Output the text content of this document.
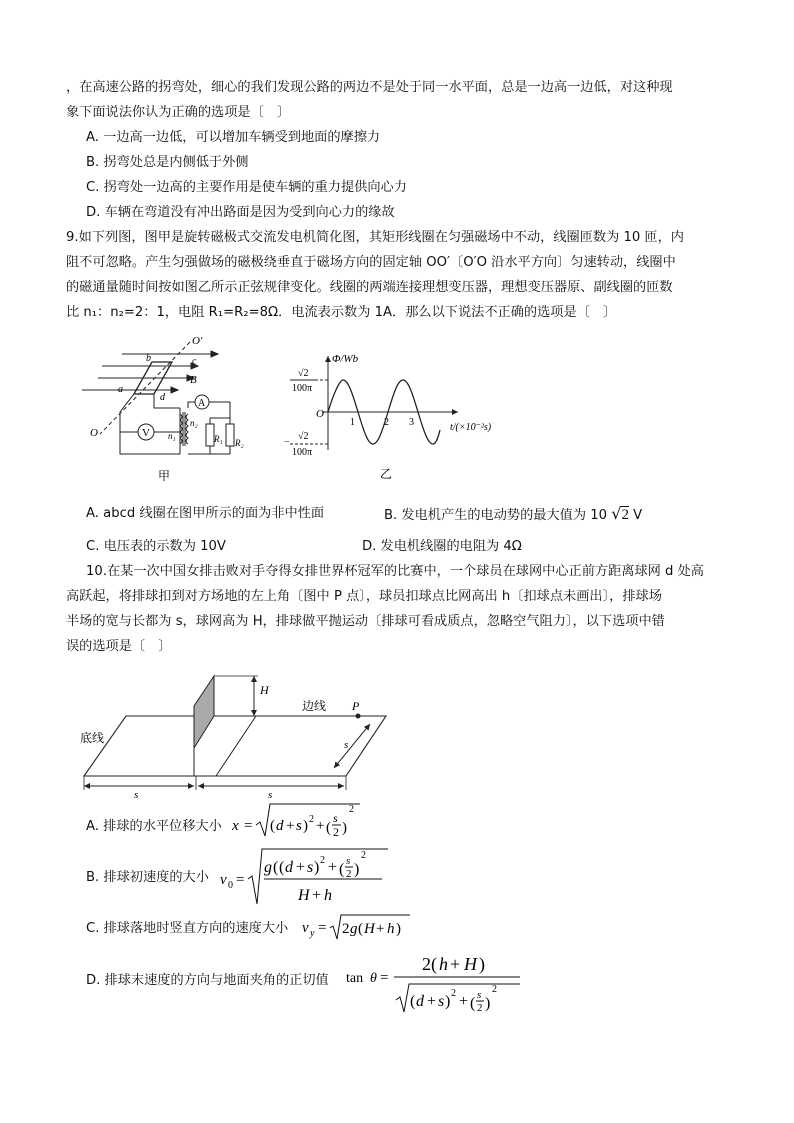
，在高速公路的拐弯处，细心的我们发现公路的两边不是处于同一水平面，总是一边高一边低，对这种现
象下面说法你认为正确的选项是〔　〕
A. 一边高一边低，可以增加车辆受到地面的摩擦力
B. 拐弯处总是内侧低于外侧
C. 拐弯处一边高的主要作用是使车辆的重力提供向心力
D. 车辆在弯道没有冲出路面是因为受到向心力的缘故
9.如下列图，图甲是旋转磁极式交流发电机简化图，其矩形线圈在匀强磁场中不动，线圈匝数为 10 匝，内
阻不可忽略。产生匀强做场的磁极绕垂直于磁场方向的固定轴 OO′〔O′O 沿水平方向〕匀速转动，线圈中
的磁通量随时间按如图乙所示正弦规律变化。线圈的两端连接理想变压器，理想变压器原、副线圈的匝数
比 n₁：n₂=2：1，电阻 R₁=R₂=8Ω．电流表示数为 1A．那么以下说法不正确的选项是〔　〕
V
A
O′
b	c
a
d
B
O	n₁
n₂
R₁ R₂
甲
Φ/Wb
t/(×10⁻²s)
O
1	2 3
√2
100π
−
√2
100π
乙
A. abcd 线圈在图甲所示的面为非中性面	B. 发电机产生的电动势的最大值为 10 √2 V
C. 电压表的示数为 10V	D. 发电机线圈的电阻为 4Ω
10.在某一次中国女排击败对手夺得女排世界杯冠军的比赛中，一个球员在球网中心正前方距离球网 d 处高
高跃起，将排球扣到对方场地的左上角〔图中 P 点〕，球员扣球点比网高出 h〔扣球点未画出〕，排球场
半场的宽与长都为 s，球网高为 H，排球做平抛运动〔排球可看成质点，忽略空气阻力〕，以下选项中错
误的选项是〔　〕
H
边线 P
底线
s	s
s
A. 排球的水平位移大小 x = ( d + s ) 2 + (
s
2 )
2
B. 排球初速度的大小 v 0 =
g ( ( d + s ) 2 + ( s
2 )
2
H + h
C. 排球落地时竖直方向的速度大小 v y = 2 g ( H + h )
D. 排球末速度的方向与地面夹角的正切值 tan θ =
2( h + H )
( d + s ) 2 + ( s
2 )
2
